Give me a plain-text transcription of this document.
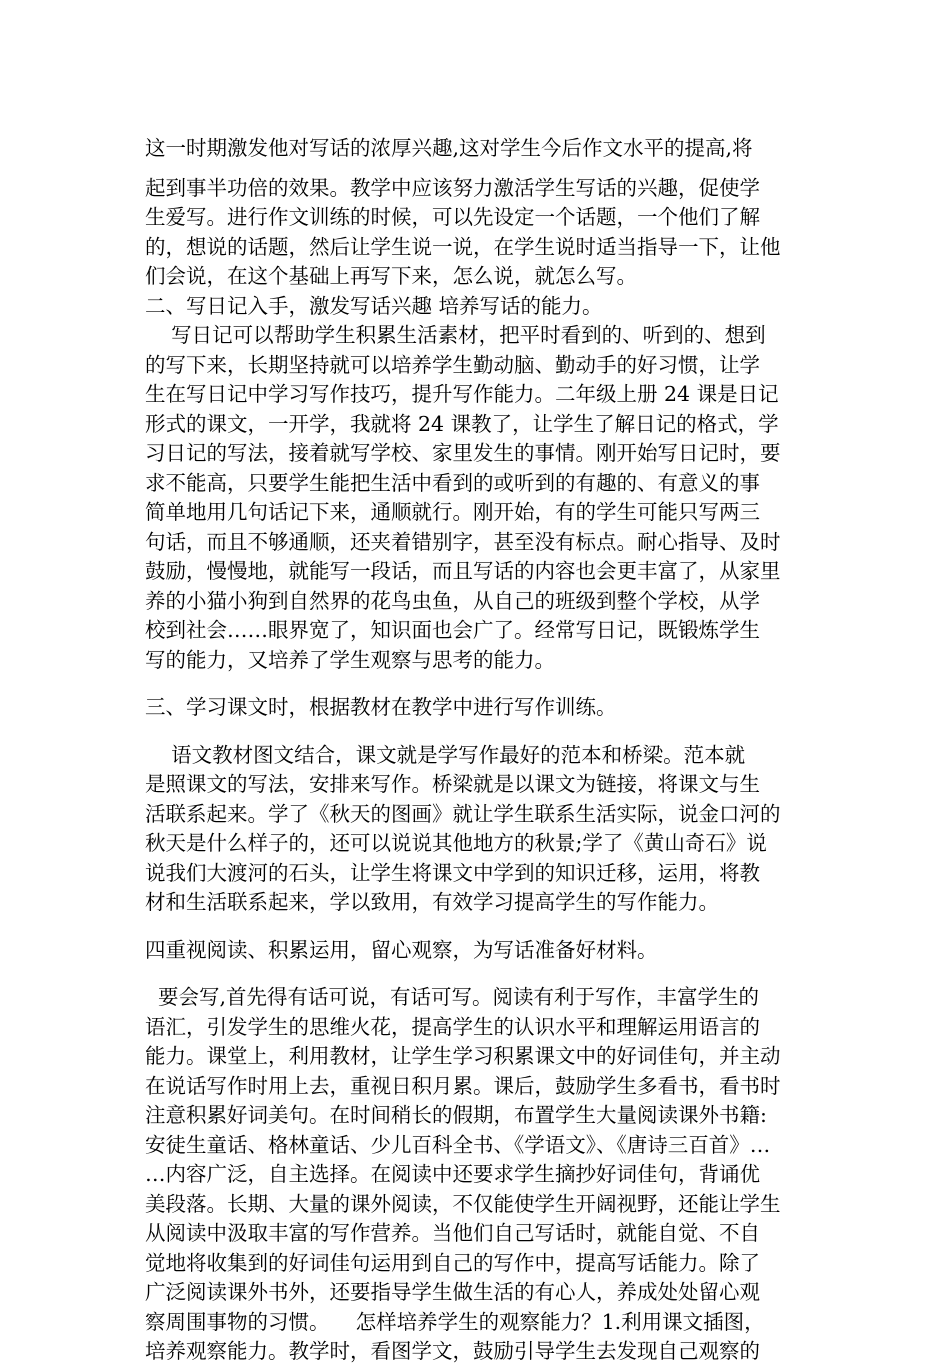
这一时期激发他对写话的浓厚兴趣,这对学生今后作文水平的提高,将
起到事半功倍的效果。教学中应该努力激活学生写话的兴趣，促使学
生爱写。进行作文训练的时候，可以先设定一个话题，一个他们了解
的，想说的话题，然后让学生说一说，在学生说时适当指导一下，让他
们会说，在这个基础上再写下来，怎么说，就怎么写。
二、写日记入手，激发写话兴趣 培养写话的能力。
写日记可以帮助学生积累生活素材，把平时看到的、听到的、想到
的写下来，长期坚持就可以培养学生勤动脑、勤动手的好习惯，让学
生在写日记中学习写作技巧，提升写作能力。二年级上册 24 课是日记
形式的课文，一开学，我就将 24 课教了，让学生了解日记的格式，学
习日记的写法，接着就写学校、家里发生的事情。刚开始写日记时，要
求不能高，只要学生能把生活中看到的或听到的有趣的、有意义的事
简单地用几句话记下来，通顺就行。刚开始，有的学生可能只写两三
句话，而且不够通顺，还夹着错别字，甚至没有标点。耐心指导、及时
鼓励，慢慢地，就能写一段话，而且写话的内容也会更丰富了，从家里
养的小猫小狗到自然界的花鸟虫鱼，从自己的班级到整个学校，从学
校到社会……眼界宽了，知识面也会广了。经常写日记，既锻炼学生
写的能力，又培养了学生观察与思考的能力。
三、学习课文时，根据教材在教学中进行写作训练。
语文教材图文结合，课文就是学写作最好的范本和桥梁。范本就
是照课文的写法，安排来写作。桥梁就是以课文为链接，将课文与生
活联系起来。学了《秋天的图画》就让学生联系生活实际，说金口河的
秋天是什么样子的，还可以说说其他地方的秋景;学了《黄山奇石》说
说我们大渡河的石头，让学生将课文中学到的知识迁移，运用，将教
材和生活联系起来，学以致用，有效学习提高学生的写作能力。
四重视阅读、积累运用，留心观察，为写话准备好材料。
要会写,首先得有话可说，有话可写。阅读有利于写作，丰富学生的
语汇，引发学生的思维火花，提高学生的认识水平和理解运用语言的
能力。课堂上，利用教材，让学生学习积累课文中的好词佳句，并主动
在说话写作时用上去，重视日积月累。课后，鼓励学生多看书，看书时
注意积累好词美句。在时间稍长的假期，布置学生大量阅读课外书籍:
安徒生童话、格林童话、少儿百科全书、《学语文》、《唐诗三百首》…
…内容广泛，自主选择。在阅读中还要求学生摘抄好词佳句，背诵优
美段落。长期、大量的课外阅读，不仅能使学生开阔视野，还能让学生
从阅读中汲取丰富的写作营养。当他们自己写话时，就能自觉、不自
觉地将收集到的好词佳句运用到自己的写作中，提高写话能力。除了
广泛阅读课外书外，还要指导学生做生活的有心人，养成处处留心观
察周围事物的习惯。    怎样培养学生的观察能力？1.利用课文插图，
培养观察能力。教学时，看图学文，鼓励引导学生去发现自己观察的
